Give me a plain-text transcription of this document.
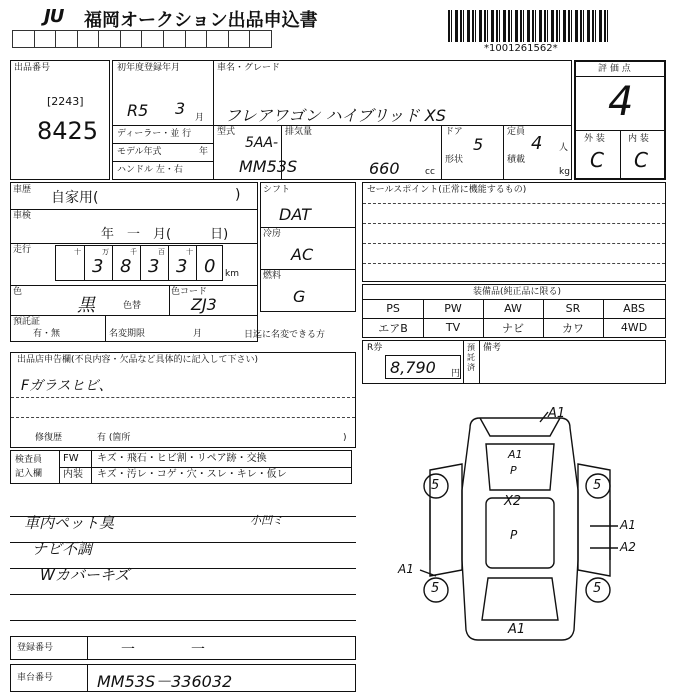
JU 福岡オークション出品申込書
*1001261562*
出品番号
[2243]
8425
初年度登録年月
R5 3 月
ディーラー・並 行
モデル年式	年
ハンドル 左・右
車名・グレード
フレアワゴン ハイブリッド XS
型式
5AA-
MM53S
排気量
660	cc
ドア
5
形状
定員
4 人
積載
kg
評 価 点
4
外 装	内 装
C C
車歴 自家用(	)
車検
年　一　月(　　　日)
走行	十	万	千	百	十
3 8 3 3 0 km
色
黒	色替
色コード
ZJ3
預託証
有・無	名変期限	月	日迄に名変できる方
シフト
DAT
冷房
AC
燃料
G
セールスポイント(正常に機能するもの)
装備品(純正品に限る)
PS	PW	AW	SR	ABS
エアB	TV	ナビ	カワ	4WD
R券
8,790 円
預託済
備考
出品店申告欄(不良内容・欠品など具体的に記入して下さい)
Fガラスヒビ、
修復歴	有 (箇所	)
検査員
記入欄
FW キズ・飛石・ヒビ割・リペア跡・交換
内装 キズ・汚レ・コゲ・穴・スレ・キレ・仮レ
車内ペット臭	小凹ミ
ナビ不調
Wカバーキズ
A1
A1
P
X2
P
A1
A2
A1
A1
5	5
5	5
登録番号	一　　　　一
車台番号	MM53S－336032
